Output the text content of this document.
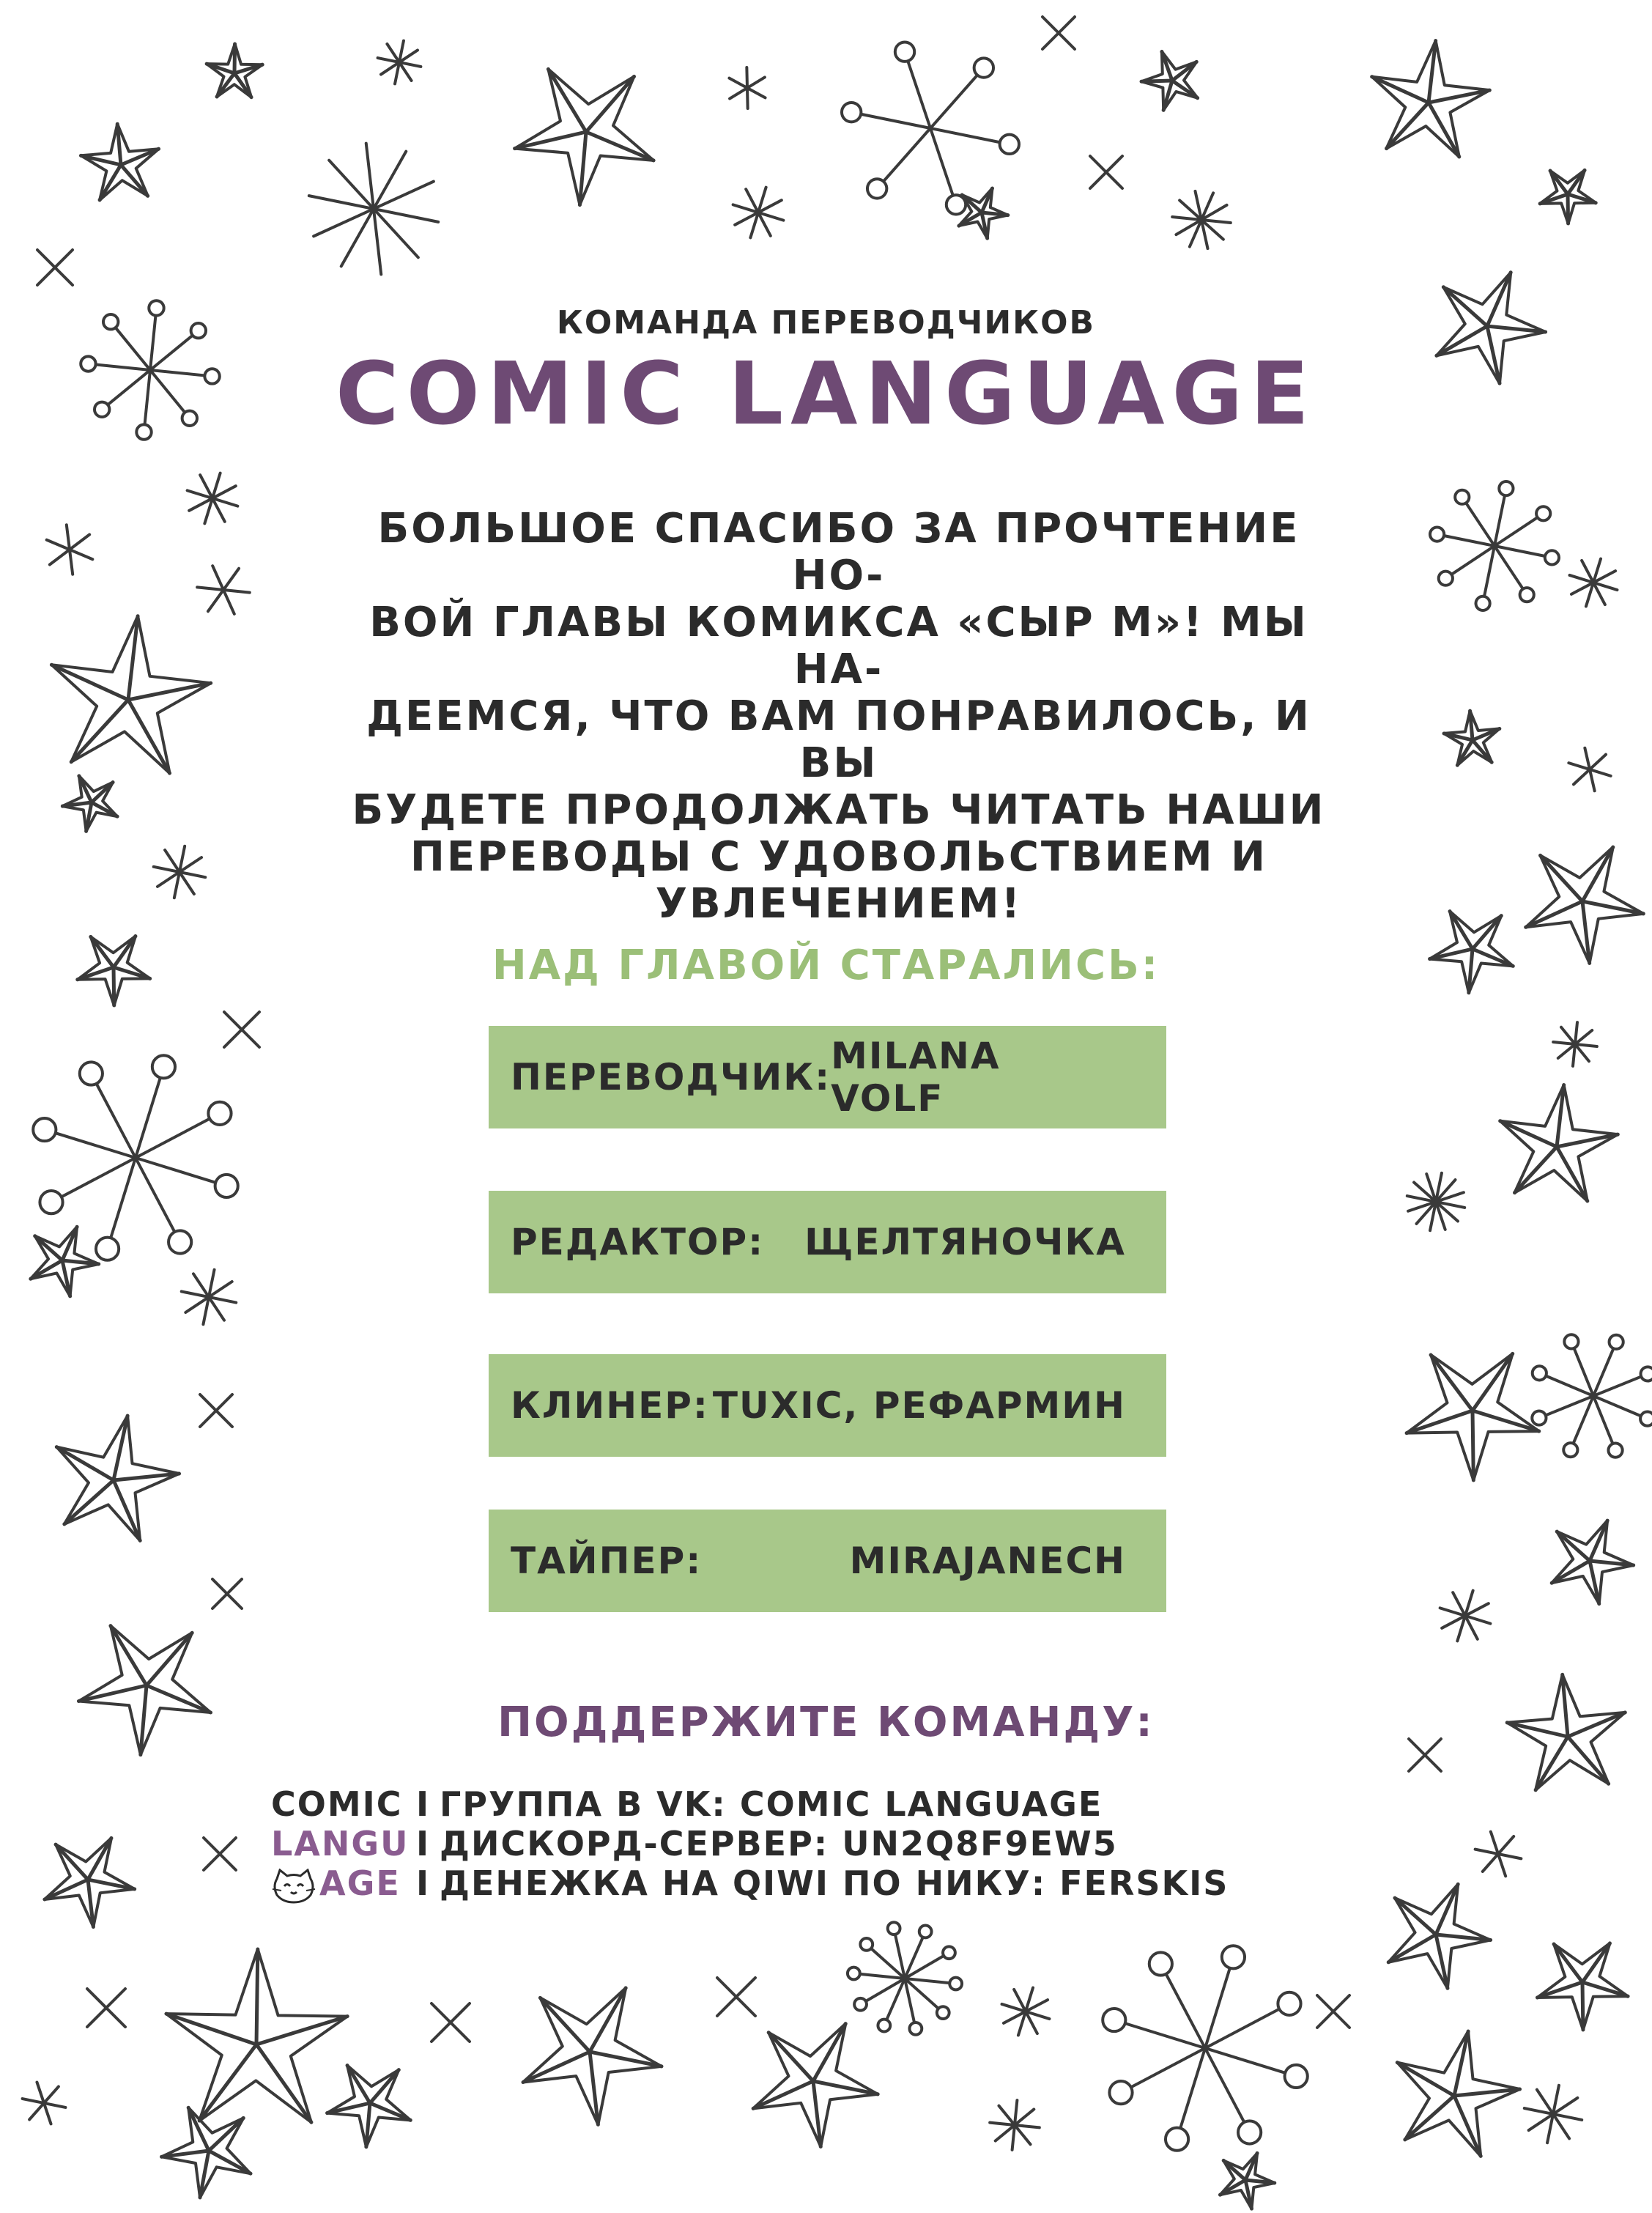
КОМАНДА ПЕРЕВОДЧИКОВ
COMIC LANGUAGE
БОЛЬШОЕ СПАСИБО ЗА ПРОЧТЕНИЕ НО-
ВОЙ ГЛАВЫ КОМИКСА «СЫР М»! МЫ НА-
ДЕЕМСЯ, ЧТО ВАМ ПОНРАВИЛОСЬ, И ВЫ
БУДЕТЕ ПРОДОЛЖАТЬ ЧИТАТЬ НАШИ
ПЕРЕВОДЫ С УДОВОЛЬСТВИЕМ И
УВЛЕЧЕНИЕМ!
НАД ГЛАВОЙ СТАРАЛИСЬ:
ПЕРЕВОДЧИК: MILANA VOLF
РЕДАКТОР: ЩЕЛТЯНОЧКА
КЛИНЕР: TUXIC, РЕФАРМИН
ТАЙПЕР:	MIRAJANECH
ПОДДЕРЖИТЕ КОМАНДУ:
COMIC I ГРУППА В VK: COMIC LANGUAGE
LANGU I ДИСКОРД-СЕРВЕР: UN2Q8F9EW5
AGE I ДЕНЕЖКА НА QIWI ПО НИКУ: FERSKIS
